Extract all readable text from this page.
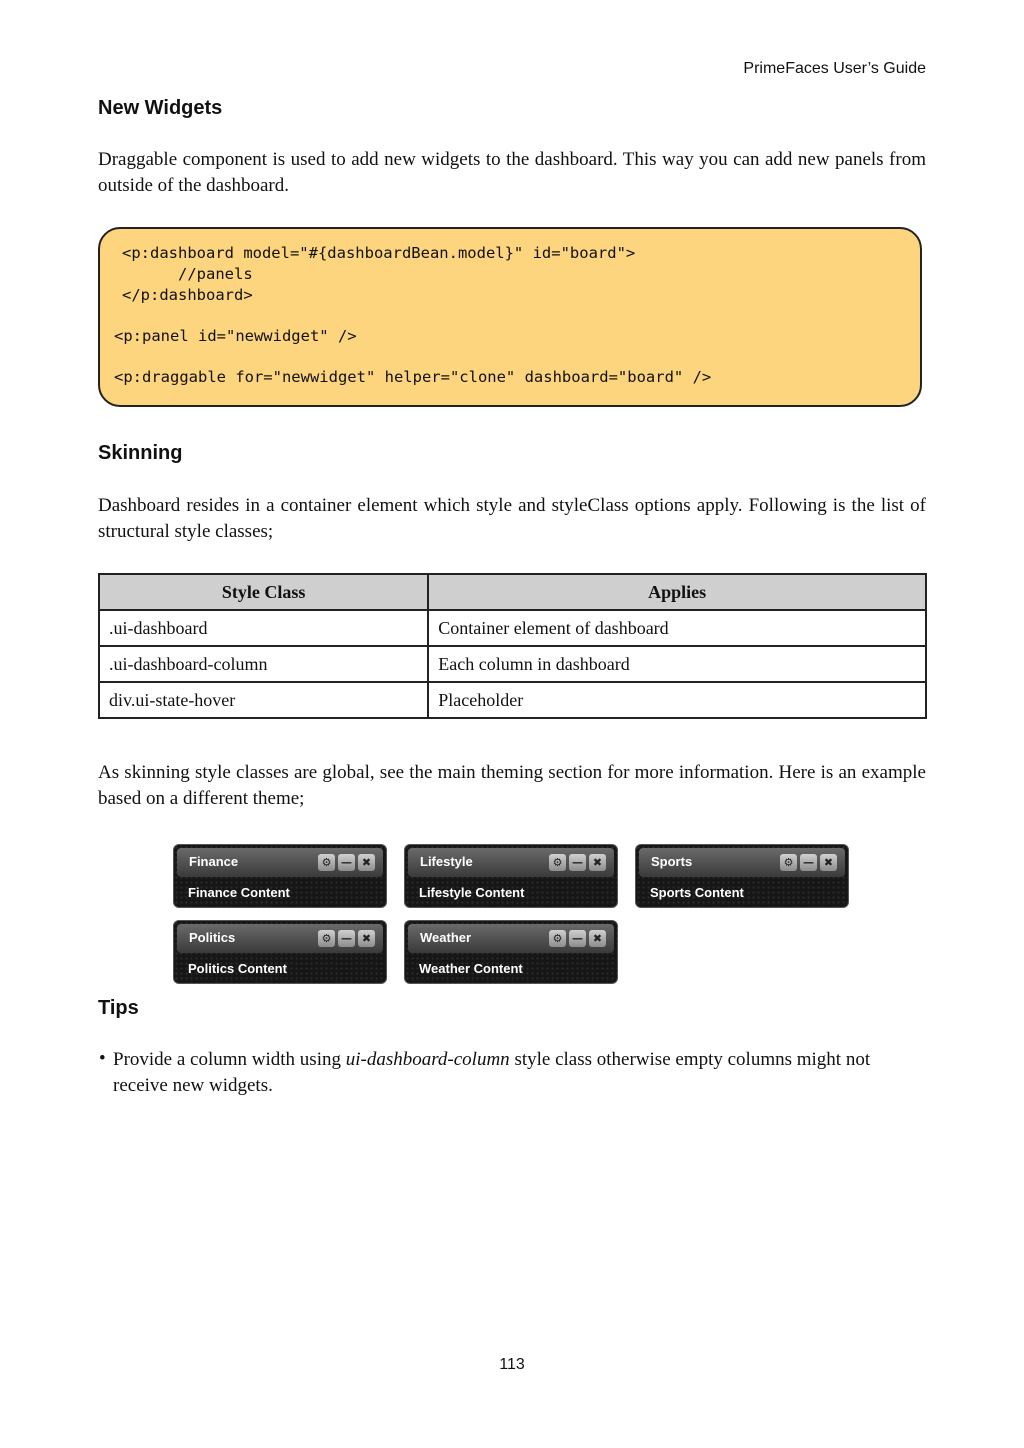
PrimeFaces User’s Guide
New Widgets

Draggable component is used to add new widgets to the dashboard. This way you can add new panels from outside of the dashboard.

<p:dashboard model="#{dashboardBean.model}" id="board">
//panels
</p:dashboard>
<p:panel id="newwidget" />
<p:draggable for="newwidget" helper="clone" dashboard="board" />
Skinning

Dashboard resides in a container element which style and styleClass options apply. Following is the list of structural style classes;

Style Class	Applies
.ui-dashboard	Container element of dashboard
.ui-dashboard-column	Each column in dashboard
div.ui-state-hover	Placeholder

As skinning style classes are global, see the main theming section for more information. Here is an example based on a different theme;

Finance	⚙ — ✖
Finance Content
Lifestyle	⚙ — ✖
Lifestyle Content
Sports	⚙ — ✖
Sports Content
Politics	⚙ — ✖
Politics Content
Weather	⚙ — ✖
Weather Content
Tips
• Provide a column width using ui-dashboard-column style class otherwise empty columns might not receive new widgets.

113
